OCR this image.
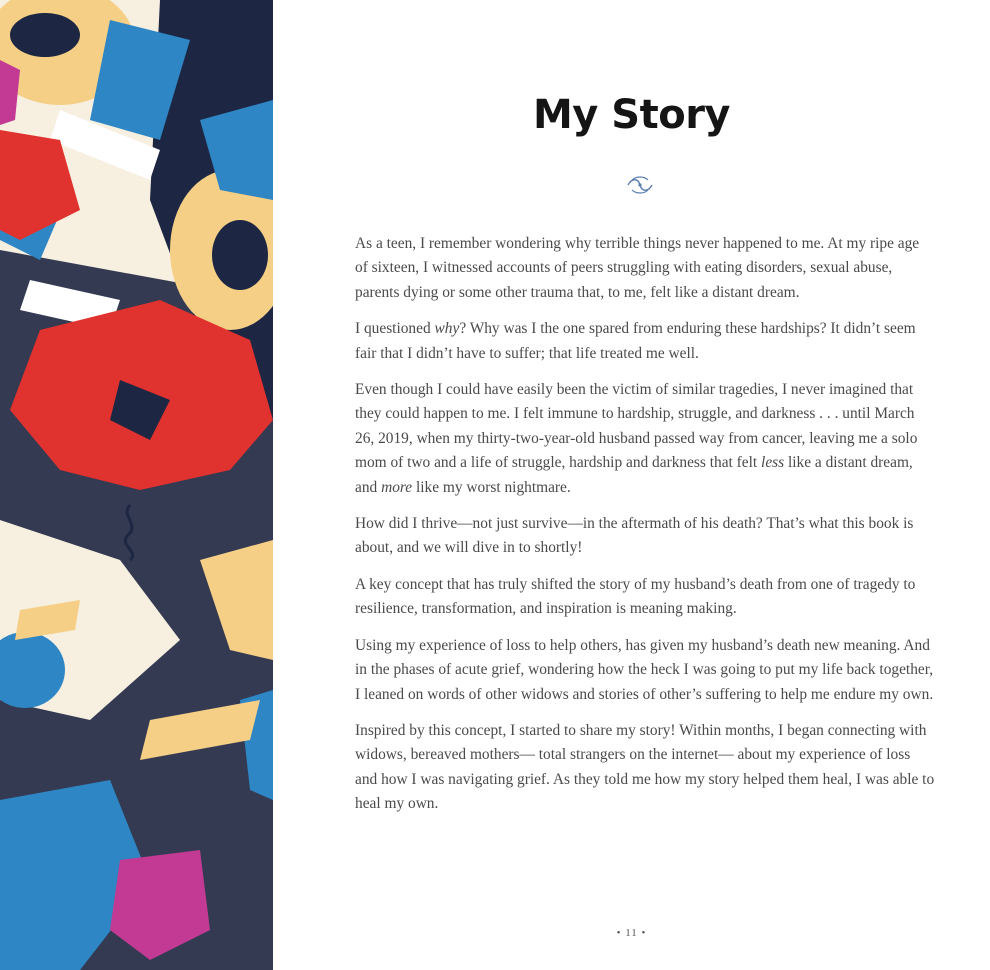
My Story

As a teen, I remember wondering why terrible things never happened to me. At my ripe age of sixteen, I witnessed accounts of peers struggling with eating disorders, sexual abuse, parents dying or some other trauma that, to me, felt like a distant dream.

I questioned why? Why was I the one spared from enduring these hardships? It didn’t seem fair that I didn’t have to suffer; that life treated me well.

Even though I could have easily been the victim of similar tragedies, I never imagined that they could happen to me. I felt immune to hardship, struggle, and darkness . . . until March 26, 2019, when my thirty-two-year-old husband passed way from cancer, leaving me a solo mom of two and a life of struggle, hardship and darkness that felt less like a distant dream, and more like my worst nightmare.

How did I thrive—not just survive—in the aftermath of his death? That’s what this book is about, and we will dive in to shortly!

A key concept that has truly shifted the story of my husband’s death from one of tragedy to resilience, transformation, and inspiration is meaning making.

Using my experience of loss to help others, has given my husband’s death new meaning. And in the phases of acute grief, wondering how the heck I was going to put my life back together, I leaned on words of other widows and stories of other’s suffering to help me endure my own.

Inspired by this concept, I started to share my story! Within months, I began connecting with widows, bereaved mothers— total strangers on the internet— about my experience of loss and how I was navigating grief. As they told me how my story helped them heal, I was able to heal my own.

• 11 •
